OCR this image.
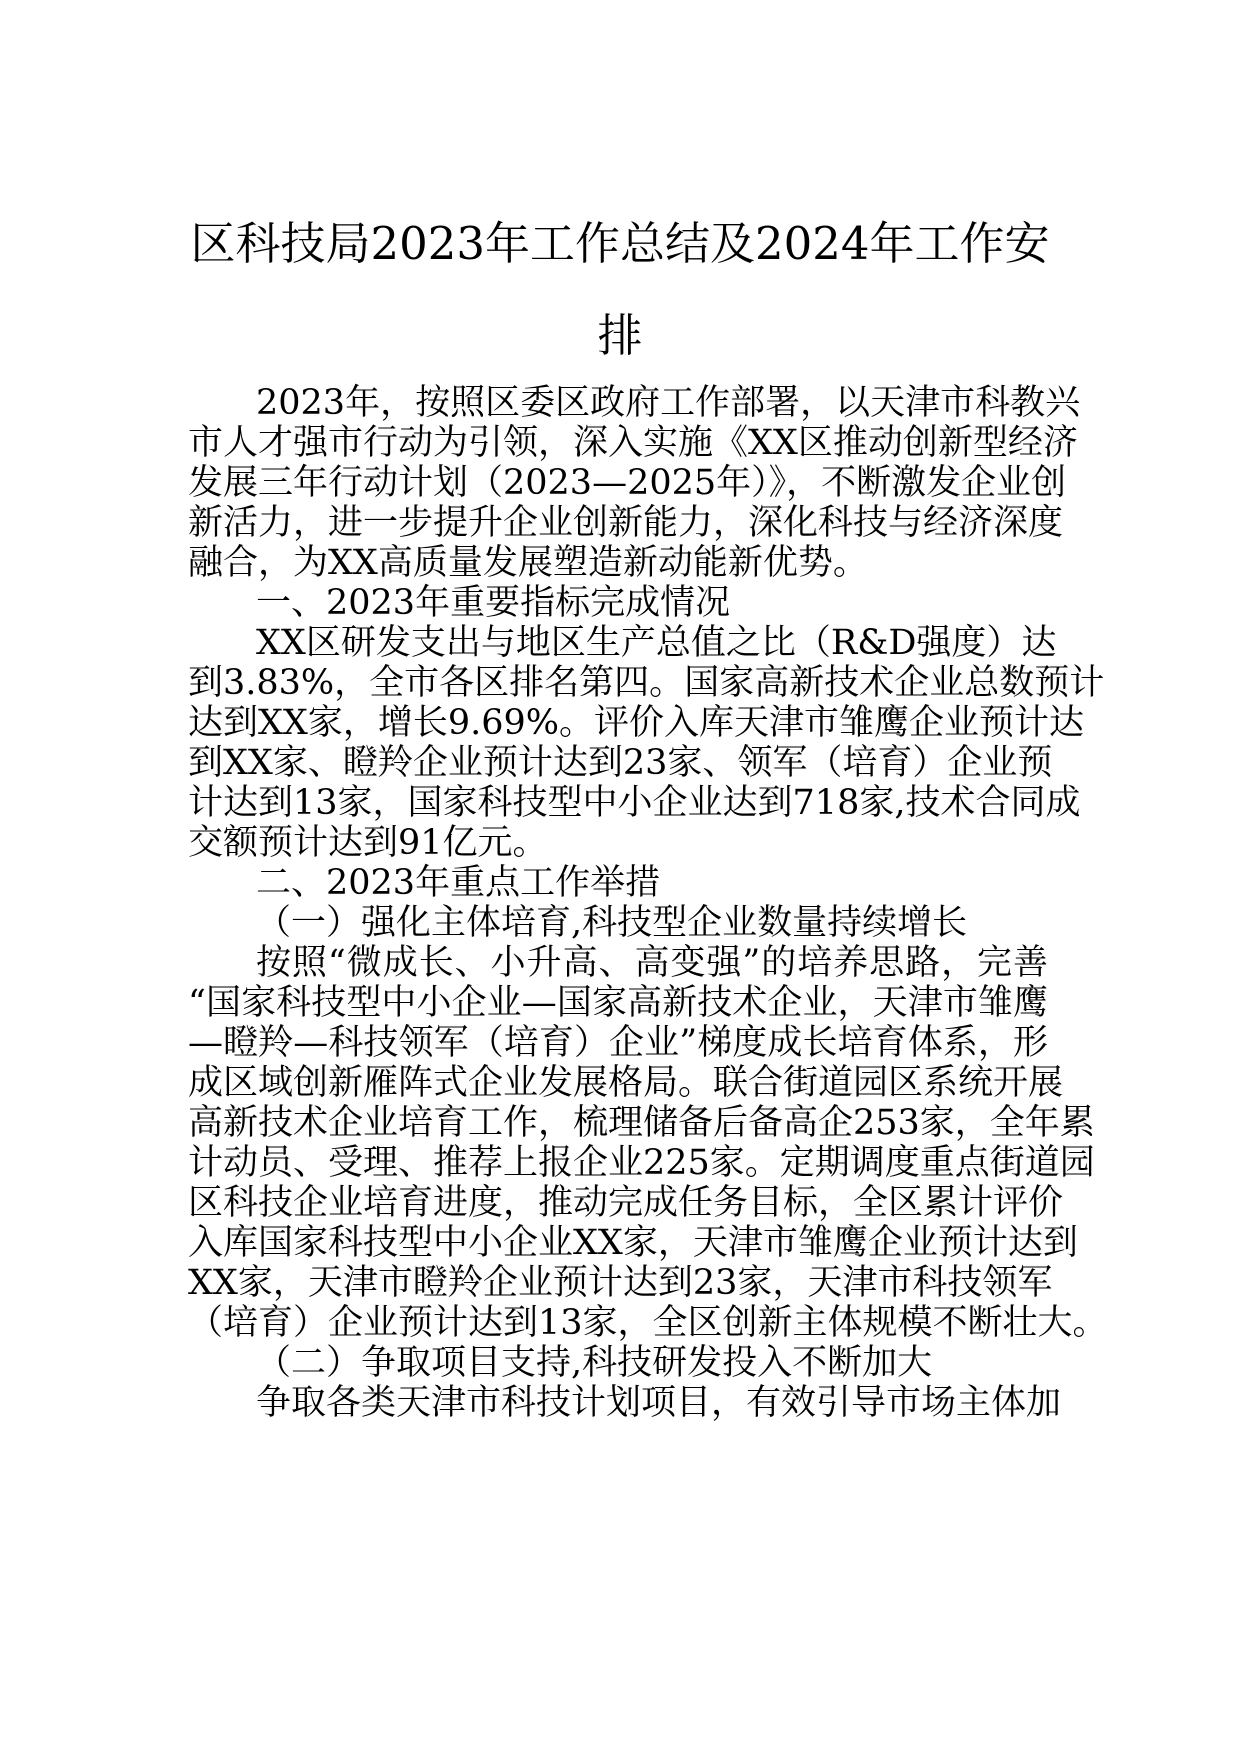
区科技局2023年工作总结及2024年工作安
排

2023年，按照区委区政府工作部署，以天津市科教兴

市人才强市行动为引领，深入实施《XX区推动创新型经济

发展三年行动计划（2023—2025年）》，不断激发企业创

新活力，进一步提升企业创新能力，深化科技与经济深度

融合，为XX高质量发展塑造新动能新优势。

一、2023年重要指标完成情况

XX区研发支出与地区生产总值之比（R&D强度）达

到3.83%，全市各区排名第四。国家高新技术企业总数预计

达到XX家，增长9.69%。评价入库天津市雏鹰企业预计达

到XX家、瞪羚企业预计达到23家、领军（培育）企业预

计达到13家，国家科技型中小企业达到718家,技术合同成

交额预计达到91亿元。

二、2023年重点工作举措

（一）强化主体培育,科技型企业数量持续增长

按照“微成长、小升高、高变强”的培养思路，完善

“国家科技型中小企业—国家高新技术企业，天津市雏鹰

—瞪羚—科技领军（培育）企业”梯度成长培育体系，形

成区域创新雁阵式企业发展格局。联合街道园区系统开展

高新技术企业培育工作，梳理储备后备高企253家，全年累

计动员、受理、推荐上报企业225家。定期调度重点街道园

区科技企业培育进度，推动完成任务目标，全区累计评价

入库国家科技型中小企业XX家，天津市雏鹰企业预计达到

XX家，天津市瞪羚企业预计达到23家，天津市科技领军

（培育）企业预计达到13家，全区创新主体规模不断壮大。

（二）争取项目支持,科技研发投入不断加大

争取各类天津市科技计划项目，有效引导市场主体加
